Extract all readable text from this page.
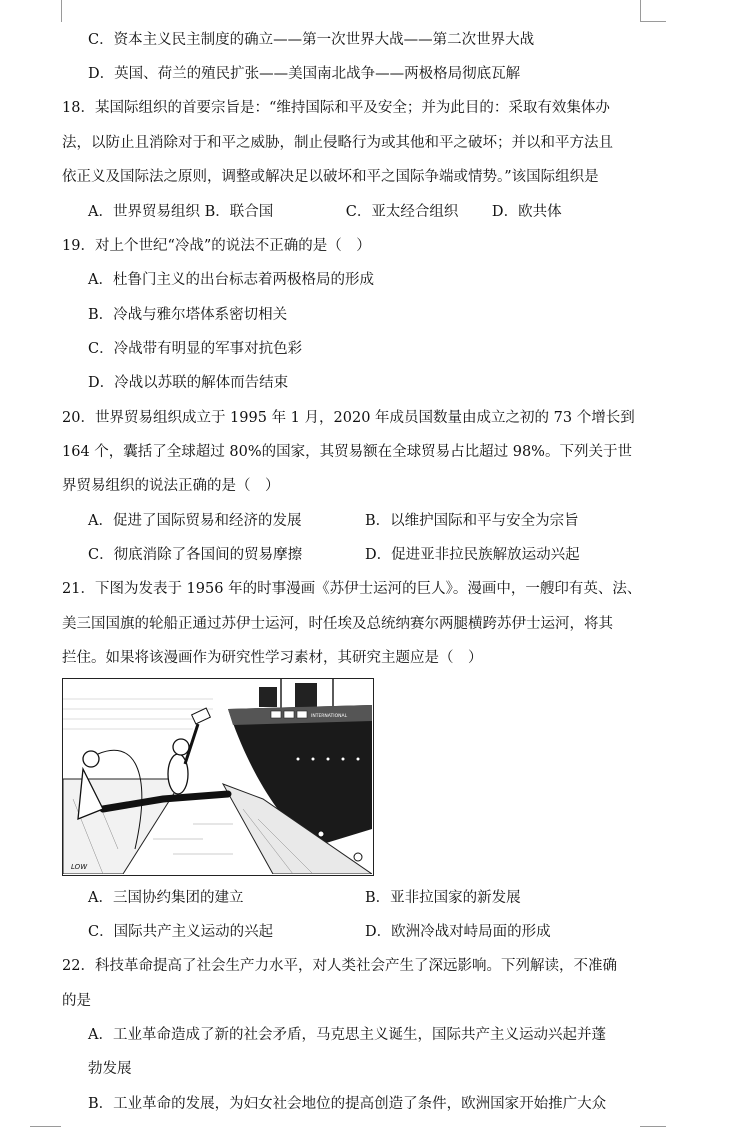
C．资本主义民主制度的确立——第一次世界大战——第二次世界大战
D．英国、荷兰的殖民扩张——美国南北战争——两极格局彻底瓦解
18．某国际组织的首要宗旨是：“维持国际和平及安全；并为此目的：采取有效集体办
法，以防止且消除对于和平之威胁，制止侵略行为或其他和平之破坏；并以和平方法且
依正义及国际法之原则，调整或解决足以破坏和平之国际争端或情势。”该国际组织是
A．世界贸易组织 B．联合国　　　　　C．亚太经合组织　　 D．欧共体
19．对上个世纪“冷战”的说法不正确的是（　）
A．杜鲁门主义的出台标志着两极格局的形成
B．冷战与雅尔塔体系密切相关
C．冷战带有明显的军事对抗色彩
D．冷战以苏联的解体而告结束
20．世界贸易组织成立于 1995 年 1 月，2020 年成员国数量由成立之初的 73 个增长到
164 个，囊括了全球超过 80%的国家，其贸易额在全球贸易占比超过 98%。下列关于世
界贸易组织的说法正确的是（　）
A．促进了国际贸易和经济的发展	B．以维护国际和平与安全为宗旨
C．彻底消除了各国间的贸易摩擦	D．促进亚非拉民族解放运动兴起
21．下图为发表于 1956 年的时事漫画《苏伊士运河的巨人》。漫画中，一艘印有英、法、
美三国国旗的轮船正通过苏伊士运河，时任埃及总统纳赛尔两腿横跨苏伊士运河，将其
拦住。如果将该漫画作为研究性学习素材，其研究主题应是（　）
INTERNATIONAL
LOW
A．三国协约集团的建立	B．亚非拉国家的新发展
C．国际共产主义运动的兴起	D．欧洲冷战对峙局面的形成
22．科技革命提高了社会生产力水平，对人类社会产生了深远影响。下列解读，不准确
的是
A．工业革命造成了新的社会矛盾，马克思主义诞生，国际共产主义运动兴起并蓬
勃发展
B．工业革命的发展，为妇女社会地位的提高创造了条件，欧洲国家开始推广大众
